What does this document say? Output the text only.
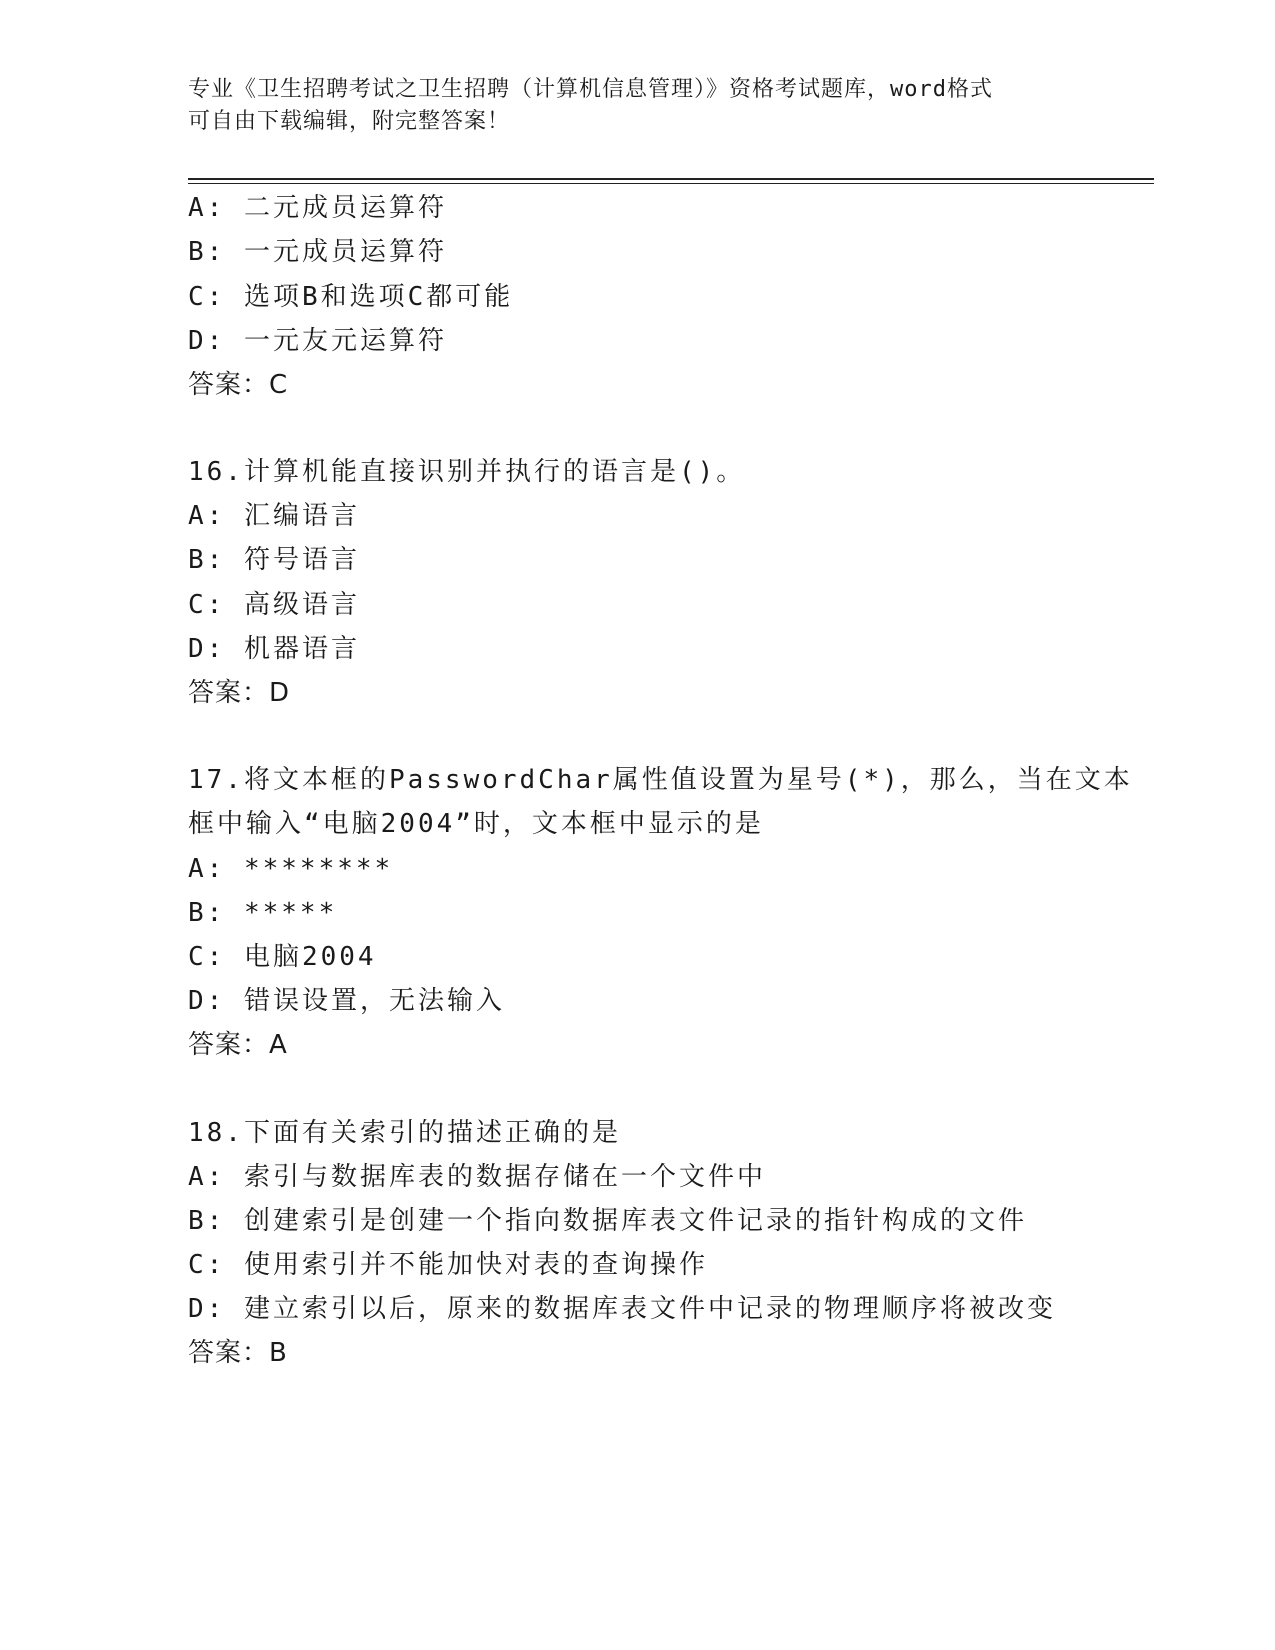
专业《卫生招聘考试之卫生招聘（计算机信息管理）》资格考试题库，word格式
可自由下载编辑，附完整答案！
A: 二元成员运算符
B: 一元成员运算符
C: 选项B和选项C都可能
D: 一元友元运算符
答案：C
16.计算机能直接识别并执行的语言是()。
A: 汇编语言
B: 符号语言
C: 高级语言
D: 机器语言
答案：D
17.将文本框的PasswordChar属性值设置为星号(*)，那么，当在文本
框中输入“电脑2004”时，文本框中显示的是
A: ********
B: *****
C: 电脑2004
D: 错误设置，无法输入
答案：A
18.下面有关索引的描述正确的是
A: 索引与数据库表的数据存储在一个文件中
B: 创建索引是创建一个指向数据库表文件记录的指针构成的文件
C: 使用索引并不能加快对表的查询操作
D: 建立索引以后，原来的数据库表文件中记录的物理顺序将被改变
答案：B
